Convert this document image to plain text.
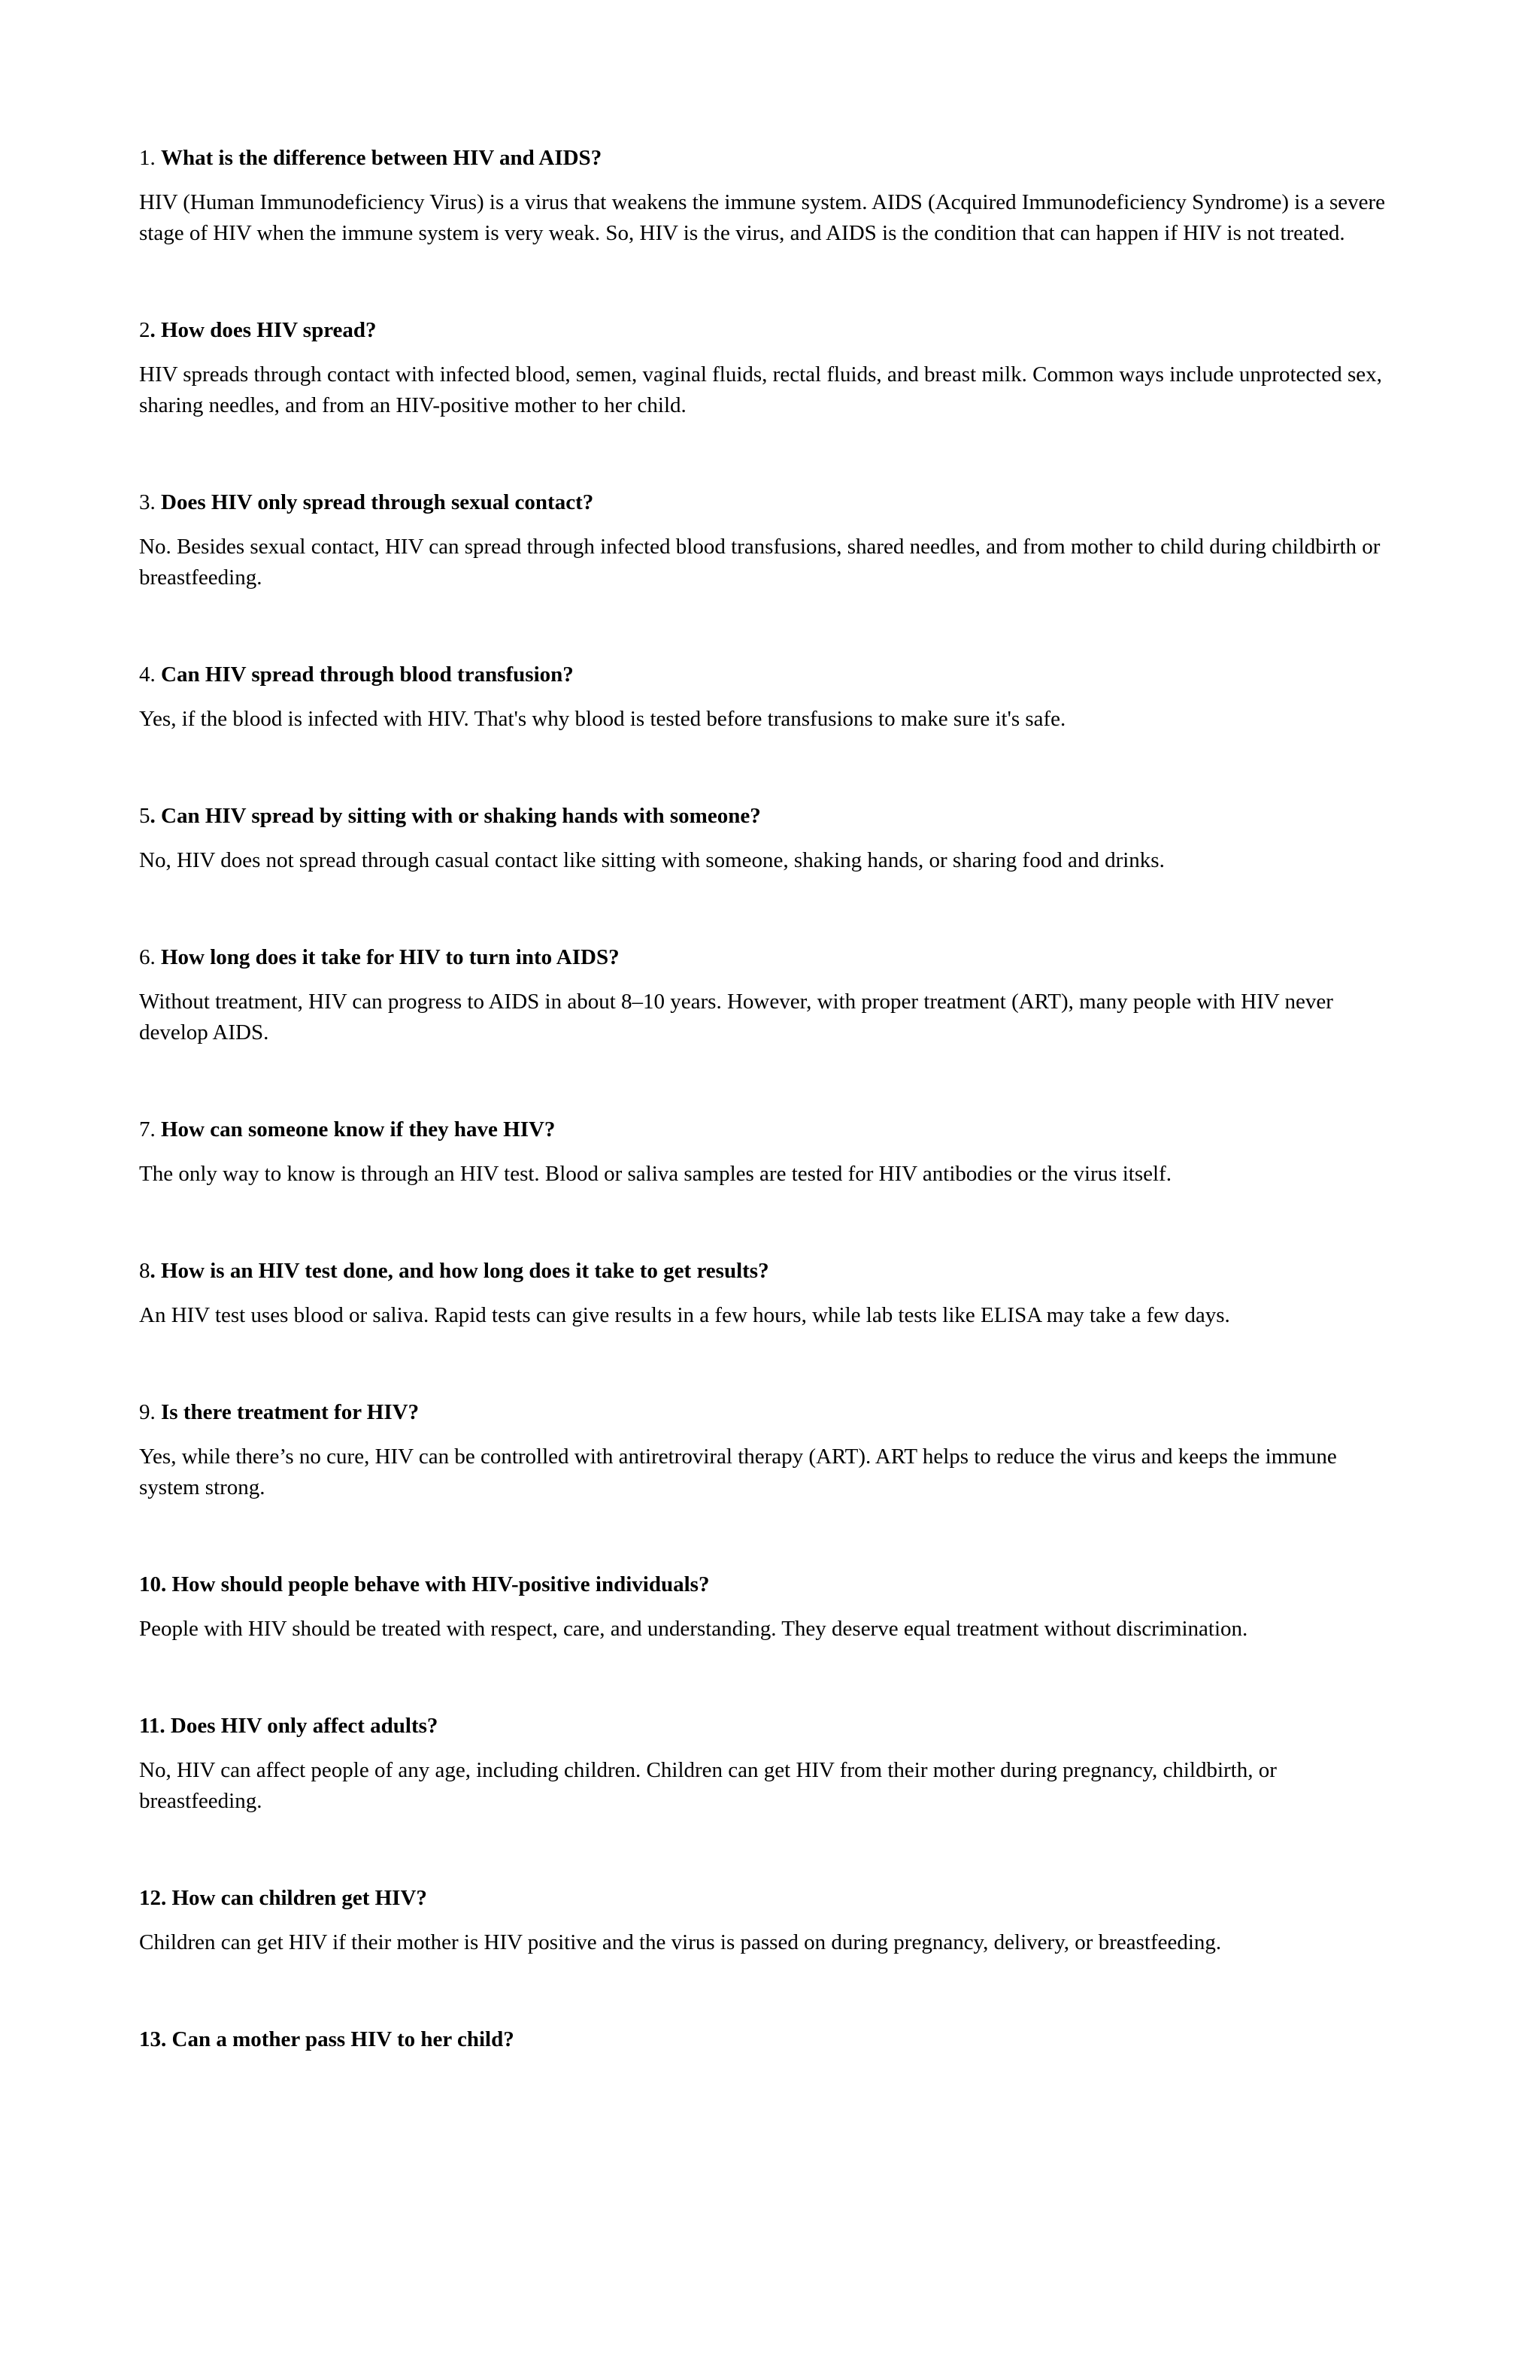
1. What is the difference between HIV and AIDS?

HIV (Human Immunodeficiency Virus) is a virus that weakens the immune system. AIDS (Acquired Immunodeficiency Syndrome) is a severe stage of HIV when the immune system is very weak. So, HIV is the virus, and AIDS is the condition that can happen if HIV is not treated.

2. How does HIV spread?

HIV spreads through contact with infected blood, semen, vaginal fluids, rectal fluids, and breast milk. Common ways include unprotected sex, sharing needles, and from an HIV-positive mother to her child.

3. Does HIV only spread through sexual contact?

No. Besides sexual contact, HIV can spread through infected blood transfusions, shared needles, and from mother to child during childbirth or breastfeeding.

4. Can HIV spread through blood transfusion?

Yes, if the blood is infected with HIV. That's why blood is tested before transfusions to make sure it's safe.

5. Can HIV spread by sitting with or shaking hands with someone?

No, HIV does not spread through casual contact like sitting with someone, shaking hands, or sharing food and drinks.

6. How long does it take for HIV to turn into AIDS?

Without treatment, HIV can progress to AIDS in about 8–10 years. However, with proper treatment (ART), many people with HIV never develop AIDS.

7. How can someone know if they have HIV?

The only way to know is through an HIV test. Blood or saliva samples are tested for HIV antibodies or the virus itself.

8. How is an HIV test done, and how long does it take to get results?

An HIV test uses blood or saliva. Rapid tests can give results in a few hours, while lab tests like ELISA may take a few days.

9. Is there treatment for HIV?

Yes, while there’s no cure, HIV can be controlled with antiretroviral therapy (ART). ART helps to reduce the virus and keeps the immune system strong.

10. How should people behave with HIV-positive individuals?

People with HIV should be treated with respect, care, and understanding. They deserve equal treatment without discrimination.

11. Does HIV only affect adults?

No, HIV can affect people of any age, including children. Children can get HIV from their mother during pregnancy, childbirth, or breastfeeding.

12. How can children get HIV?

Children can get HIV if their mother is HIV positive and the virus is passed on during pregnancy, delivery, or breastfeeding.

13. Can a mother pass HIV to her child?
